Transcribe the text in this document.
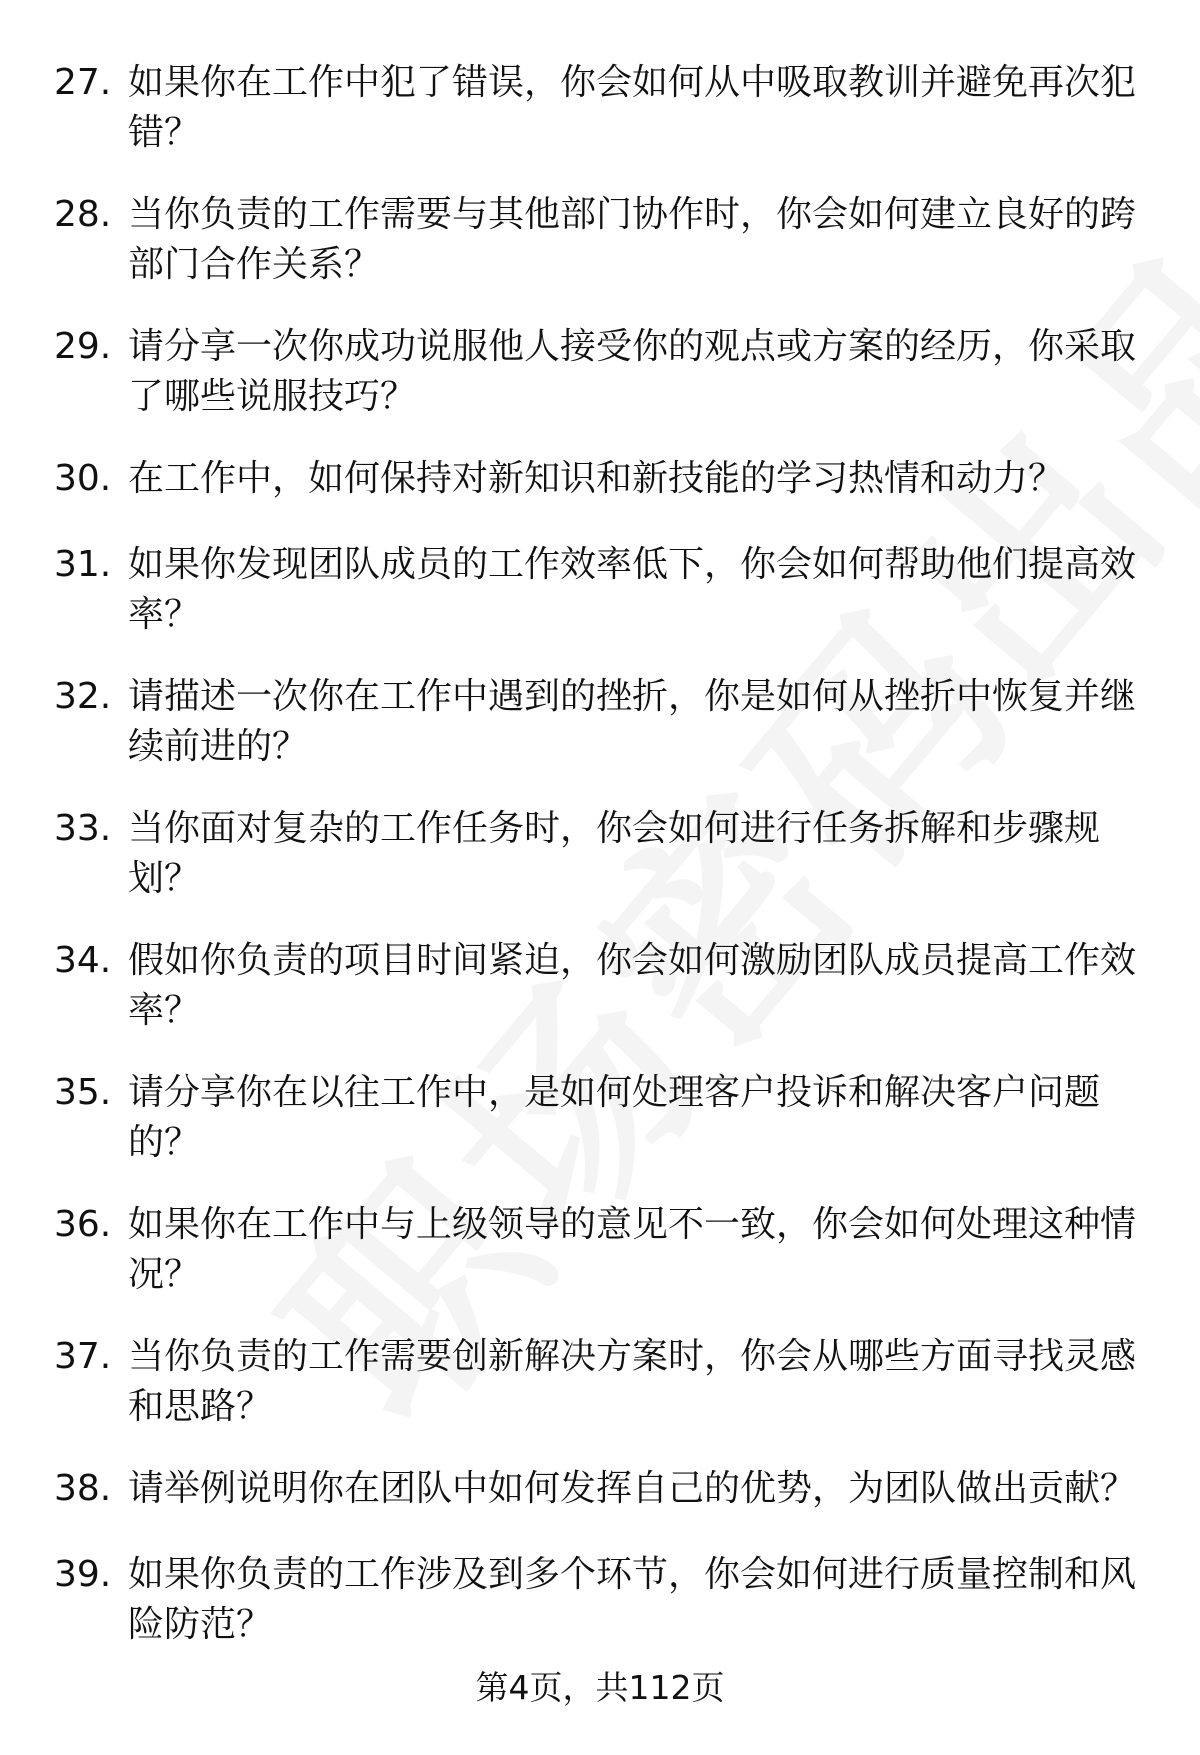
27. 如果你在工作中犯了错误，你会如何从中吸取教训并避免再次犯错？
28. 当你负责的工作需要与其他部门协作时，你会如何建立良好的跨部门合作关系？
29. 请分享一次你成功说服他人接受你的观点或方案的经历，你采取了哪些说服技巧？
30. 在工作中，如何保持对新知识和新技能的学习热情和动力？
31. 如果你发现团队成员的工作效率低下，你会如何帮助他们提高效率？
32. 请描述一次你在工作中遇到的挫折，你是如何从挫折中恢复并继续前进的？
33. 当你面对复杂的工作任务时，你会如何进行任务拆解和步骤规划？
34. 假如你负责的项目时间紧迫，你会如何激励团队成员提高工作效率？
35. 请分享你在以往工作中，是如何处理客户投诉和解决客户问题的？
36. 如果你在工作中与上级领导的意见不一致，你会如何处理这种情况？
37. 当你负责的工作需要创新解决方案时，你会从哪些方面寻找灵感和思路？
38. 请举例说明你在团队中如何发挥自己的优势，为团队做出贡献？
39. 如果你负责的工作涉及到多个环节，你会如何进行质量控制和风险防范？
第4页，共112页
